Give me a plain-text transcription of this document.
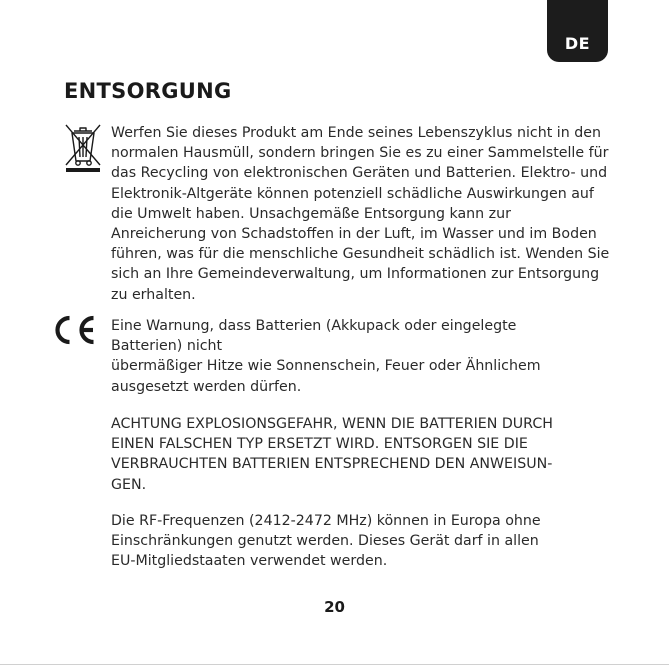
DE
ENTSORGUNG
Werfen Sie dieses Produkt am Ende seines Lebenszyklus nicht in den
normalen Hausmüll, sondern bringen Sie es zu einer Sammelstelle für
das Recycling von elektronischen Geräten und Batterien. Elektro- und
Elektronik-Altgeräte können potenziell schädliche Auswirkungen auf
die Umwelt haben. Unsachgemäße Entsorgung kann zur
Anreicherung von Schadstoffen in der Luft, im Wasser und im Boden
führen, was für die menschliche Gesundheit schädlich ist. Wenden Sie
sich an Ihre Gemeindeverwaltung, um Informationen zur Entsorgung
zu erhalten.
Eine Warnung, dass Batterien (Akkupack oder eingelegte
Batterien) nicht
übermäßiger Hitze wie Sonnenschein, Feuer oder Ähnlichem
ausgesetzt werden dürfen.
ACHTUNG EXPLOSIONSGEFAHR, WENN DIE BATTERIEN DURCH
EINEN FALSCHEN TYP ERSETZT WIRD. ENTSORGEN SIE DIE
VERBRAUCHTEN BATTERIEN ENTSPRECHEND DEN ANWEISUN-
GEN.
Die RF-Frequenzen (2412-2472 MHz) können in Europa ohne
Einschränkungen genutzt werden. Dieses Gerät darf in allen
EU-Mitgliedstaaten verwendet werden.
20
